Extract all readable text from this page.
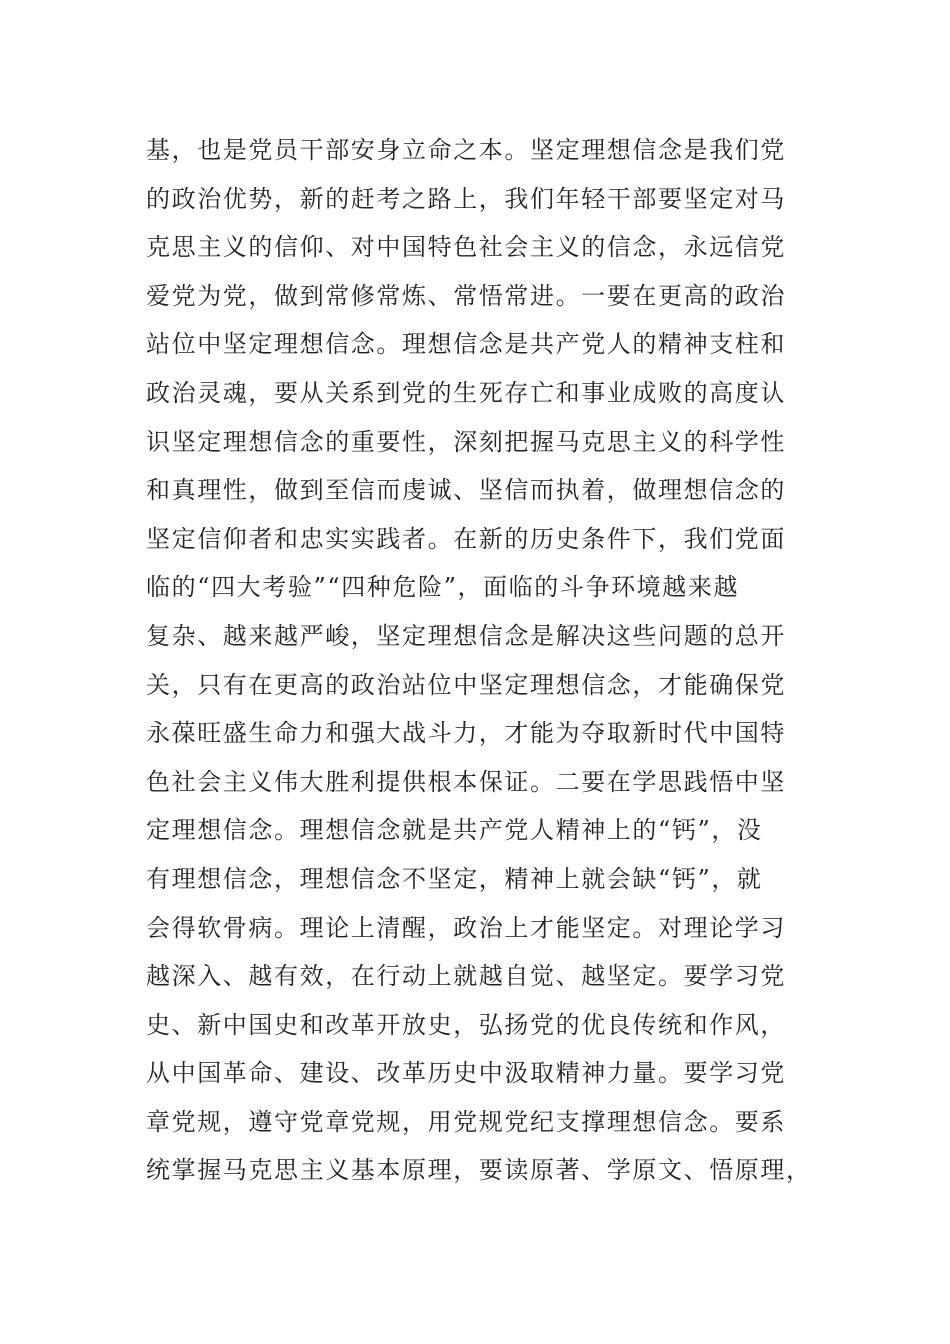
基，也是党员干部安身立命之本。坚定理想信念是我们党
的政治优势，新的赶考之路上，我们年轻干部要坚定对马
克思主义的信仰、对中国特色社会主义的信念，永远信党
爱党为党，做到常修常炼、常悟常进。一要在更高的政治
站位中坚定理想信念。理想信念是共产党人的精神支柱和
政治灵魂，要从关系到党的生死存亡和事业成败的高度认
识坚定理想信念的重要性，深刻把握马克思主义的科学性
和真理性，做到至信而虔诚、坚信而执着，做理想信念的
坚定信仰者和忠实实践者。在新的历史条件下，我们党面
临的“四大考验”“四种危险”，面临的斗争环境越来越
复杂、越来越严峻，坚定理想信念是解决这些问题的总开
关，只有在更高的政治站位中坚定理想信念，才能确保党
永葆旺盛生命力和强大战斗力，才能为夺取新时代中国特
色社会主义伟大胜利提供根本保证。二要在学思践悟中坚
定理想信念。理想信念就是共产党人精神上的“钙”，没
有理想信念，理想信念不坚定，精神上就会缺“钙”，就
会得软骨病。理论上清醒，政治上才能坚定。对理论学习
越深入、越有效，在行动上就越自觉、越坚定。要学习党
史、新中国史和改革开放史，弘扬党的优良传统和作风，
从中国革命、建设、改革历史中汲取精神力量。要学习党
章党规，遵守党章党规，用党规党纪支撑理想信念。要系
统掌握马克思主义基本原理，要读原著、学原文、悟原理，
